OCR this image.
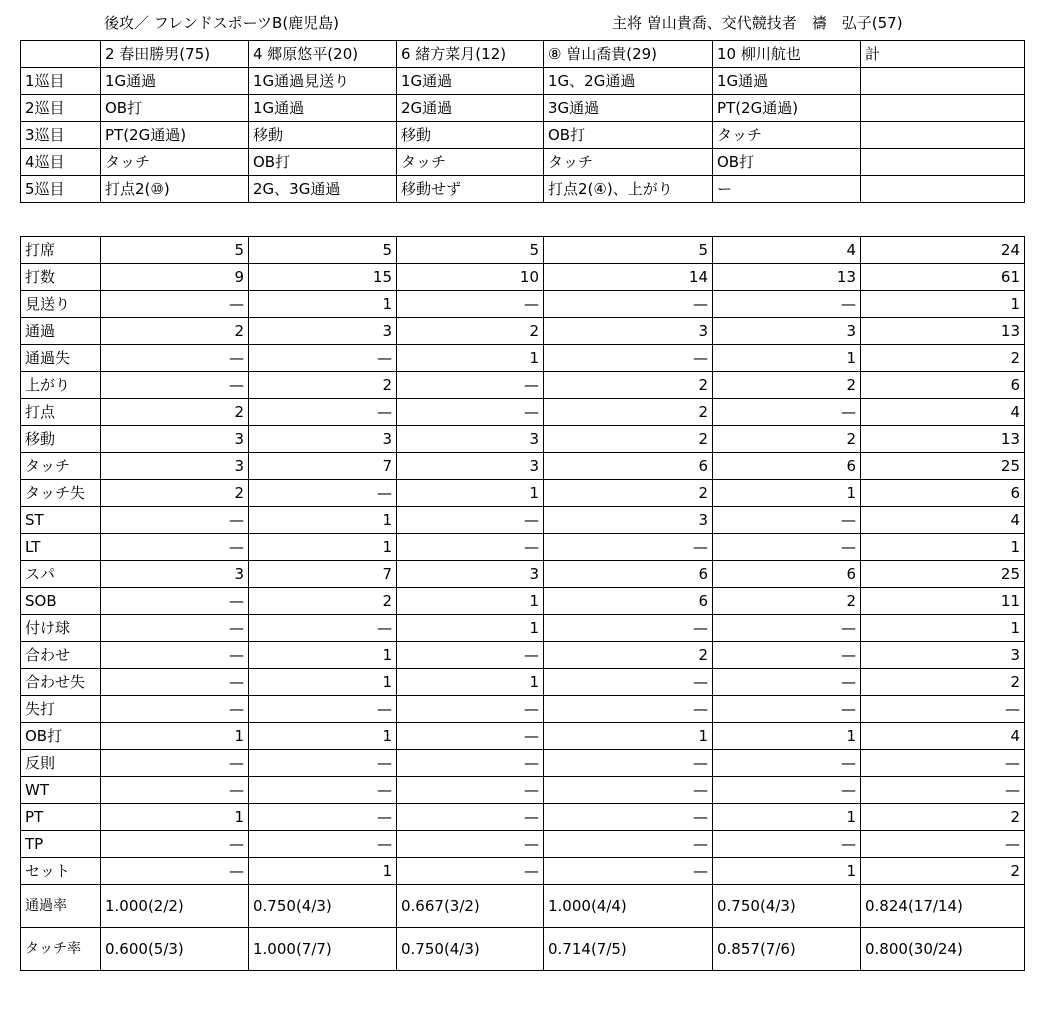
後攻／ フレンドスポーツB(鹿児島)	主将 曽山貴喬、交代競技者　禱　弘子(57)
	2 春田勝男(75)	4 郷原悠平(20)	6 緒方菜月(12)	⑧ 曽山喬貴(29)	10 柳川航也	計
1巡目	1G通過	1G通過見送り	1G通過	1G、2G通過	1G通過	
2巡目	OB打	1G通過	2G通過	3G通過	PT(2G通過)	
3巡目	PT(2G通過)	移動	移動	OB打	タッチ	
4巡目	タッチ	OB打	タッチ	タッチ	OB打	
5巡目	打点2(⑩)	2G、3G通過	移動せず	打点2(④)、上がり	ー	
打席	5	5	5	5	4	24
打数	9	15	10	14	13	61
見送り	—	1	—	—	—	1
通過	2	3	2	3	3	13
通過失	—	—	1	—	1	2
上がり	—	2	—	2	2	6
打点	2	—	—	2	—	4
移動	3	3	3	2	2	13
タッチ	3	7	3	6	6	25
タッチ失	2	—	1	2	1	6
ST	—	1	—	3	—	4
LT	—	1	—	—	—	1
スパ	3	7	3	6	6	25
SOB	—	2	1	6	2	11
付け球	—	—	1	—	—	1
合わせ	—	1	—	2	—	3
合わせ失	—	1	1	—	—	2
失打	—	—	—	—	—	—
OB打	1	1	—	1	1	4
反則	—	—	—	—	—	—
WT	—	—	—	—	—	—
PT	1	—	—	—	1	2
TP	—	—	—	—	—	—
セット	—	1	—	—	1	2
通過率	1.000(2/2)	0.750(4/3)	0.667(3/2)	1.000(4/4)	0.750(4/3)	0.824(17/14)
タッチ率	0.600(5/3)	1.000(7/7)	0.750(4/3)	0.714(7/5)	0.857(7/6)	0.800(30/24)
